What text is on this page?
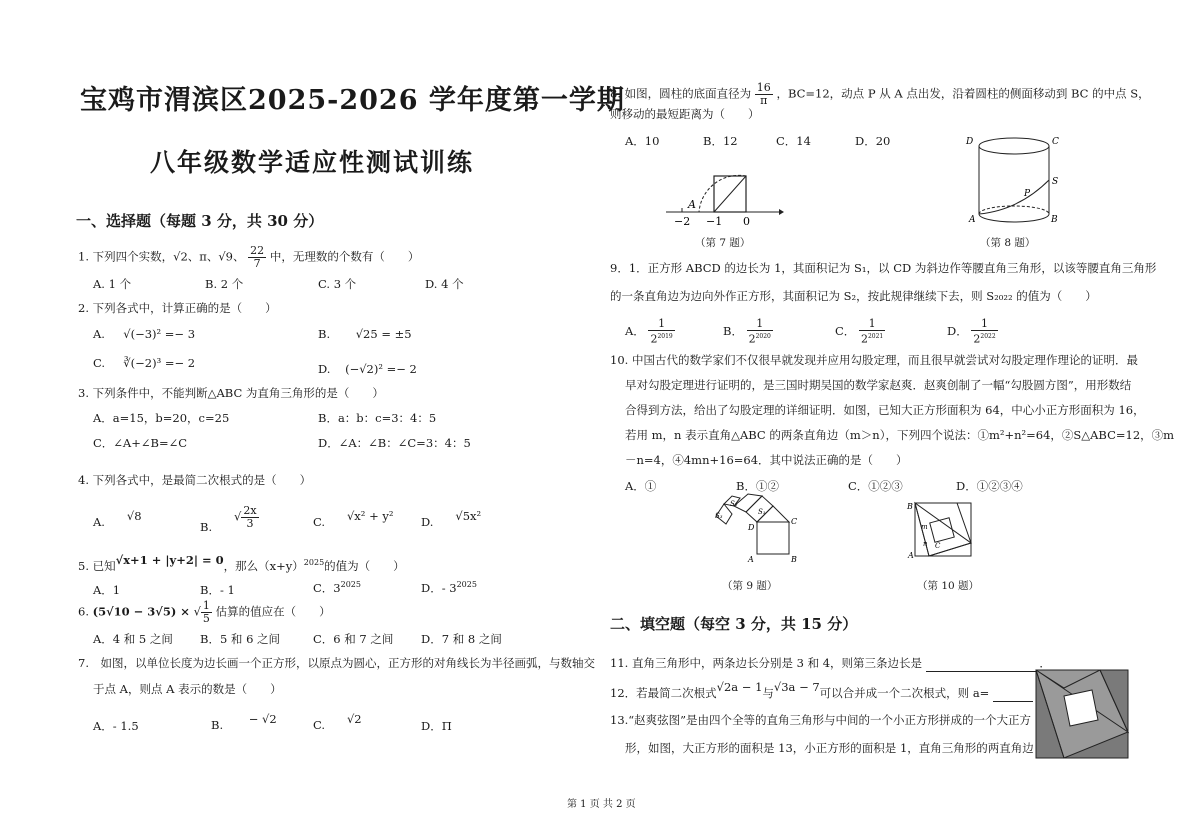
宝鸡市渭滨区2025-2026 学年度第一学期
八年级数学适应性测试训练
一、选择题（每题 3 分，共 30 分）
1. 下列四个实数，√2、π、√9、 $\frac{22}{7}$ 中，无理数的个数有（　　）
A. 1 个	B. 2 个	C. 3 个	D. 4 个
2. 下列各式中，计算正确的是（　　）
A. √(−3)² =− 3	B. √25 = ±5
C. ∛(−2)³ =− 2	D. (−√2)² =− 2
3. 下列条件中，不能判断△ABC 为直角三角形的是（　　）
A．a=15，b=20，c=25	B．a：b：c=3：4：5
C．∠A+∠B=∠C	D．∠A：∠B：∠C=3：4：5
4. 下列各式中，是最简二次根式的是（　　）
A. √8
B.      √ $\frac{2x}{3}$	C. √x² + y² D. √5x²
5. 已知√x+1 + |y+2| = 0，那么$(x+y)^{2025}$的值为（　　）
A．1	B．- 1	C．$3^{2025}$	D．- $3^{2025}$
6. (5√10 − 3√5) × √ $\frac{1}{5}$ 估算的值应在（　　）
A．4 和 5 之间 B．5 和 6 之间	C．6 和 7 之间 D．7 和 8 之间
7.　如图，以单位长度为边长画一个正方形，以原点为圆心，正方形的对角线长为半径画弧，与数轴交
于点 A，则点 A 表示的数是（　　）
A．- 1.5	B. − √2	C. √2	D．Π
8. 如图，圆柱的底面直径为 $\frac{16}{\pi}$ ，BC=12，动点 P 从 A 点出发，沿着圆柱的侧面移动到 BC 的中点 S，
则移动的最短距离为（　　）
A．10	B．12	C．14	D．20
A
−2 −1 0
（第 7 题）
D	C
P
S
A	B
（第 8 题）
9．1．正方形 ABCD 的边长为 1，其面积记为 S₁，以 CD 为斜边作等腰直角三角形，以该等腰直角三角形
的一条直角边为边向外作正方形，其面积记为 S₂，按此规律继续下去，则 S₂₀₂₂ 的值为（　　）
A． $\frac{1}{2^{2019}}$	B． $\frac{1}{2^{2020}}$	C． $\frac{1}{2^{2021}}$	D． $\frac{1}{2^{2022}}$
10. 中国古代的数学家们不仅很早就发现并应用勾股定理，而且很早就尝试对勾股定理作理论的证明．最
早对勾股定理进行证明的，是三国时期吴国的数学家赵爽．赵爽创制了一幅“勾股圆方图”，用形数结
合得到方法，给出了勾股定理的详细证明．如图，已知大正方形面积为 64，中心小正方形面积为 16，
若用 m，n 表示直角△ABC 的两条直角边（m＞n），下列四个说法：①m²+n²=64，②S△ABC=12，③m
－n=4，④4mn+16=64．其中说法正确的是（　　）
A．①	B．①②	C．①②③	D．①②③④
S₃
S₂
S₁
D
C
A	B
（第 9 题）
B
m
n C
A
（第 10 题）
二、填空题（每空 3 分，共 15 分）
11. 直角三角形中，两条边长分别是 3 和 4，则第三条边长是	．
12．若最简二次根式√2a − 1与√3a − 7可以合并成一个二次根式，则 a=
13.“赵爽弦图”是由四个全等的直角三角形与中间的一个小正方形拼成的一个大正方
形，如图，大正方形的面积是 13，小正方形的面积是 1，直角三角形的两直角边
第 1 页 共 2 页
